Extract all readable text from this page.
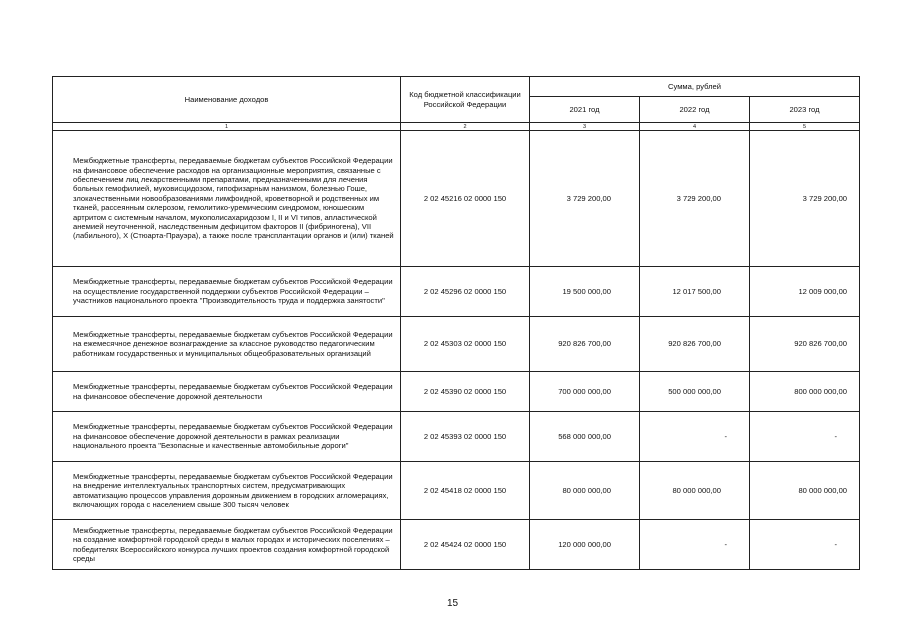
Наименование доходов	Код бюджетной классификации Российской Федерации	Сумма, рублей		
		2021 год	2022 год	2023 год
1	2	3	4	5
Межбюджетные трансферты, передаваемые бюджетам субъектов Российской Федерации на финансовое обеспечение расходов на организационные мероприятия, связанные с обеспечением лиц лекарственными препаратами, предназначенными для лечения больных гемофилией, муковисцидозом, гипофизарным нанизмом, болезнью Гоше, злокачественными новообразованиями лимфоидной, кроветворной и родственных им тканей, рассеянным склерозом, гемолитико-уремическим синдромом, юношеским артритом с системным началом, мукополисахаридозом I, II и VI типов, апластической анемией неуточненной, наследственным дефицитом факторов II (фибриногена), VII (лабильного), X (Стюарта-Прауэра), а также после трансплантации органов и (или) тканей	2 02 45216 02 0000 150	3 729 200,00	3 729 200,00	3 729 200,00
Межбюджетные трансферты, передаваемые бюджетам субъектов Российской Федерации на осуществление государственной поддержки субъектов Российской Федерации – участников национального проекта "Производительность труда и поддержка занятости"	2 02 45296 02 0000 150	19 500 000,00	12 017 500,00	12 009 000,00
Межбюджетные трансферты, передаваемые бюджетам субъектов Российской Федерации на ежемесячное денежное вознаграждение за классное руководство педагогическим работникам государственных и муниципальных общеобразовательных организаций	2 02 45303 02 0000 150	920 826 700,00	920 826 700,00	920 826 700,00
Межбюджетные трансферты, передаваемые бюджетам субъектов Российской Федерации на финансовое обеспечение дорожной деятельности	2 02 45390 02 0000 150	700 000 000,00	500 000 000,00	800 000 000,00
Межбюджетные трансферты, передаваемые бюджетам субъектов Российской Федерации на финансовое обеспечение дорожной деятельности в рамках реализации национального проекта "Безопасные и качественные автомобильные дороги"	2 02 45393 02 0000 150	568 000 000,00	-	-
Межбюджетные трансферты, передаваемые бюджетам субъектов Российской Федерации на внедрение интеллектуальных транспортных систем, предусматривающих автоматизацию процессов управления дорожным движением в городских агломерациях, включающих города с населением свыше 300 тысяч человек	2 02 45418 02 0000 150	80 000 000,00	80 000 000,00	80 000 000,00
Межбюджетные трансферты, передаваемые бюджетам субъектов Российской Федерации на создание комфортной городской среды в малых городах и исторических поселениях – победителях Всероссийского конкурса лучших проектов создания комфортной городской среды	2 02 45424 02 0000 150	120 000 000,00	-	-
15
